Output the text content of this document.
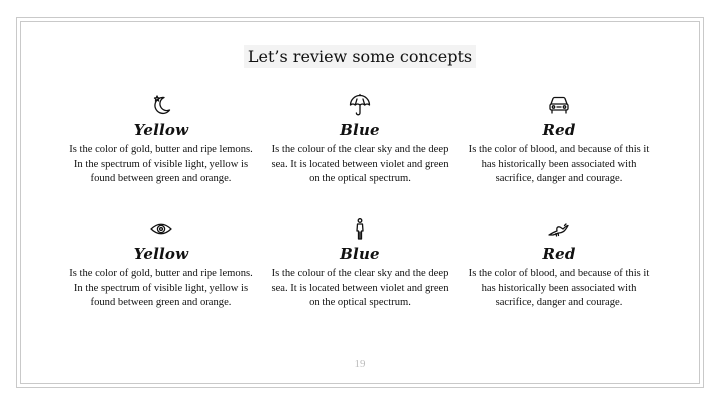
Let’s review some concepts
Yellow

Is the color of gold, butter and ripe lemons. In the spectrum of visible light, yellow is found between green and orange.

Blue

Is the colour of the clear sky and the deep sea. It is located between violet and green on the optical spectrum.

Red

Is the color of blood, and because of this it has historically been associated with sacrifice, danger and courage.

Yellow

Is the color of gold, butter and ripe lemons. In the spectrum of visible light, yellow is found between green and orange.

Blue

Is the colour of the clear sky and the deep sea. It is located between violet and green on the optical spectrum.

Red

Is the color of blood, and because of this it has historically been associated with sacrifice, danger and courage.

19
